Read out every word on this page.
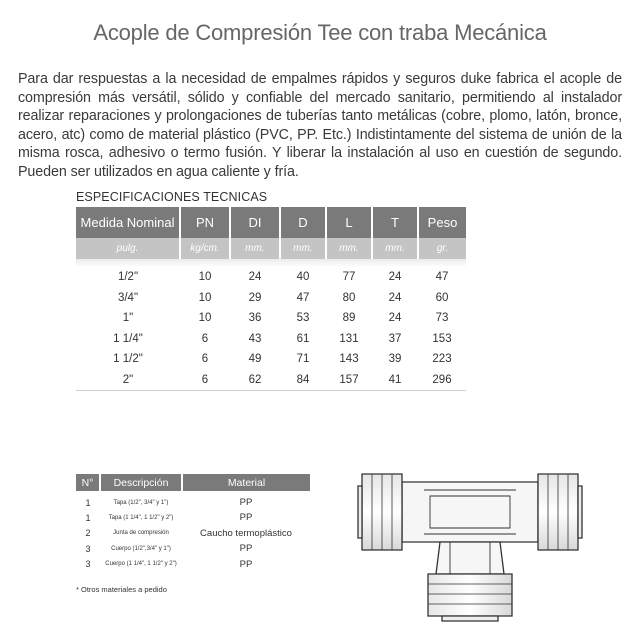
Acople de Compresión Tee con traba Mecánica

Para dar respuestas a la necesidad de empalmes rápidos y seguros duke fabrica el acople de compresión más versátil, sólido y confiable del mercado sanitario, permitiendo al instalador realizar reparaciones y prolongaciones de tuberías tanto metálicas (cobre, plomo, latón, bronce, acero, atc) como de material plástico (PVC, PP. Etc.) Indistintamente del sistema de unión de la misma rosca, adhesivo o termo fusión. Y liberar la instalación al uso en cuestión de segundo. Pueden ser utilizados en agua caliente y fría.

ESPECIFICACIONES TECNICAS
Medida Nominal	PN	DI	D	L	T	Peso
pulg.	kg/cm.	mm.	mm.	mm.	mm.	gr.

1/2"	10	24	40	77	24	47
3/4"	10	29	47	80	24	60
1"	10	36	53	89	24	73
1 1/4"	6	43	61	131	37	153
1 1/2"	6	49	71	143	39	223
2"	6	62	84	157	41	296
N°	Descripción	Material
1	Tapa (1/2", 3/4" y 1")	PP
1	Tapa (1 1/4", 1 1/2" y 2")	PP
2	Junta de compresión	Caucho termoplástico
3	Cuerpo (1/2",3/4" y 1")	PP
3	Cuerpo (1 1/4", 1 1/2" y 2")	PP
* Otros materiales a pedido
